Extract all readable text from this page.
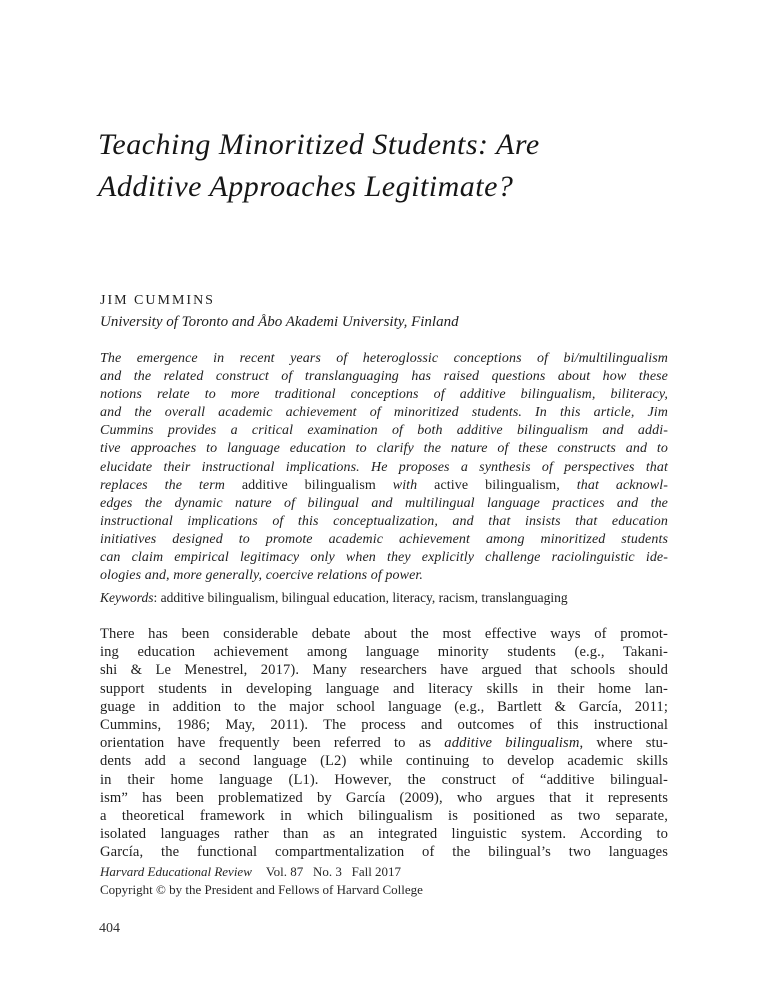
Teaching Minoritized Students: Are
Additive Approaches Legitimate?
JIM CUMMINS
University of Toronto and Åbo Akademi University, Finland
The emergence in recent years of heteroglossic conceptions of bi/multilingualism
and the related construct of translanguaging has raised questions about how these
notions relate to more traditional conceptions of additive bilingualism, biliteracy,
and the overall academic achievement of minoritized students. In this article, Jim
Cummins provides a critical examination of both additive bilingualism and addi-
tive approaches to language education to clarify the nature of these constructs and to
elucidate their instructional implications. He proposes a synthesis of perspectives that
replaces the term additive bilingualism with active bilingualism, that acknowl-
edges the dynamic nature of bilingual and multilingual language practices and the
instructional implications of this conceptualization, and that insists that education
initiatives designed to promote academic achievement among minoritized students
can claim empirical legitimacy only when they explicitly challenge raciolinguistic ide-
ologies and, more generally, coercive relations of power.
Keywords: additive bilingualism, bilingual education, literacy, racism, translanguaging
There has been considerable debate about the most effective ways of promot-
ing education achievement among language minority students (e.g., Takani-
shi & Le Menestrel, 2017). Many researchers have argued that schools should
support students in developing language and literacy skills in their home lan-
guage in addition to the major school language (e.g., Bartlett & García, 2011;
Cummins, 1986; May, 2011). The process and outcomes of this instructional
orientation have frequently been referred to as additive bilingualism, where stu-
dents add a second language (L2) while continuing to develop academic skills
in their home language (L1). However, the construct of “additive bilingual-
ism” has been problematized by García (2009), who argues that it represents
a theoretical framework in which bilingualism is positioned as two separate,
isolated languages rather than as an integrated linguistic system. According to
García, the functional compartmentalization of the bilingual’s two languages
Harvard Educational Review Vol. 87   No. 3   Fall 2017
Copyright © by the President and Fellows of Harvard College
404
